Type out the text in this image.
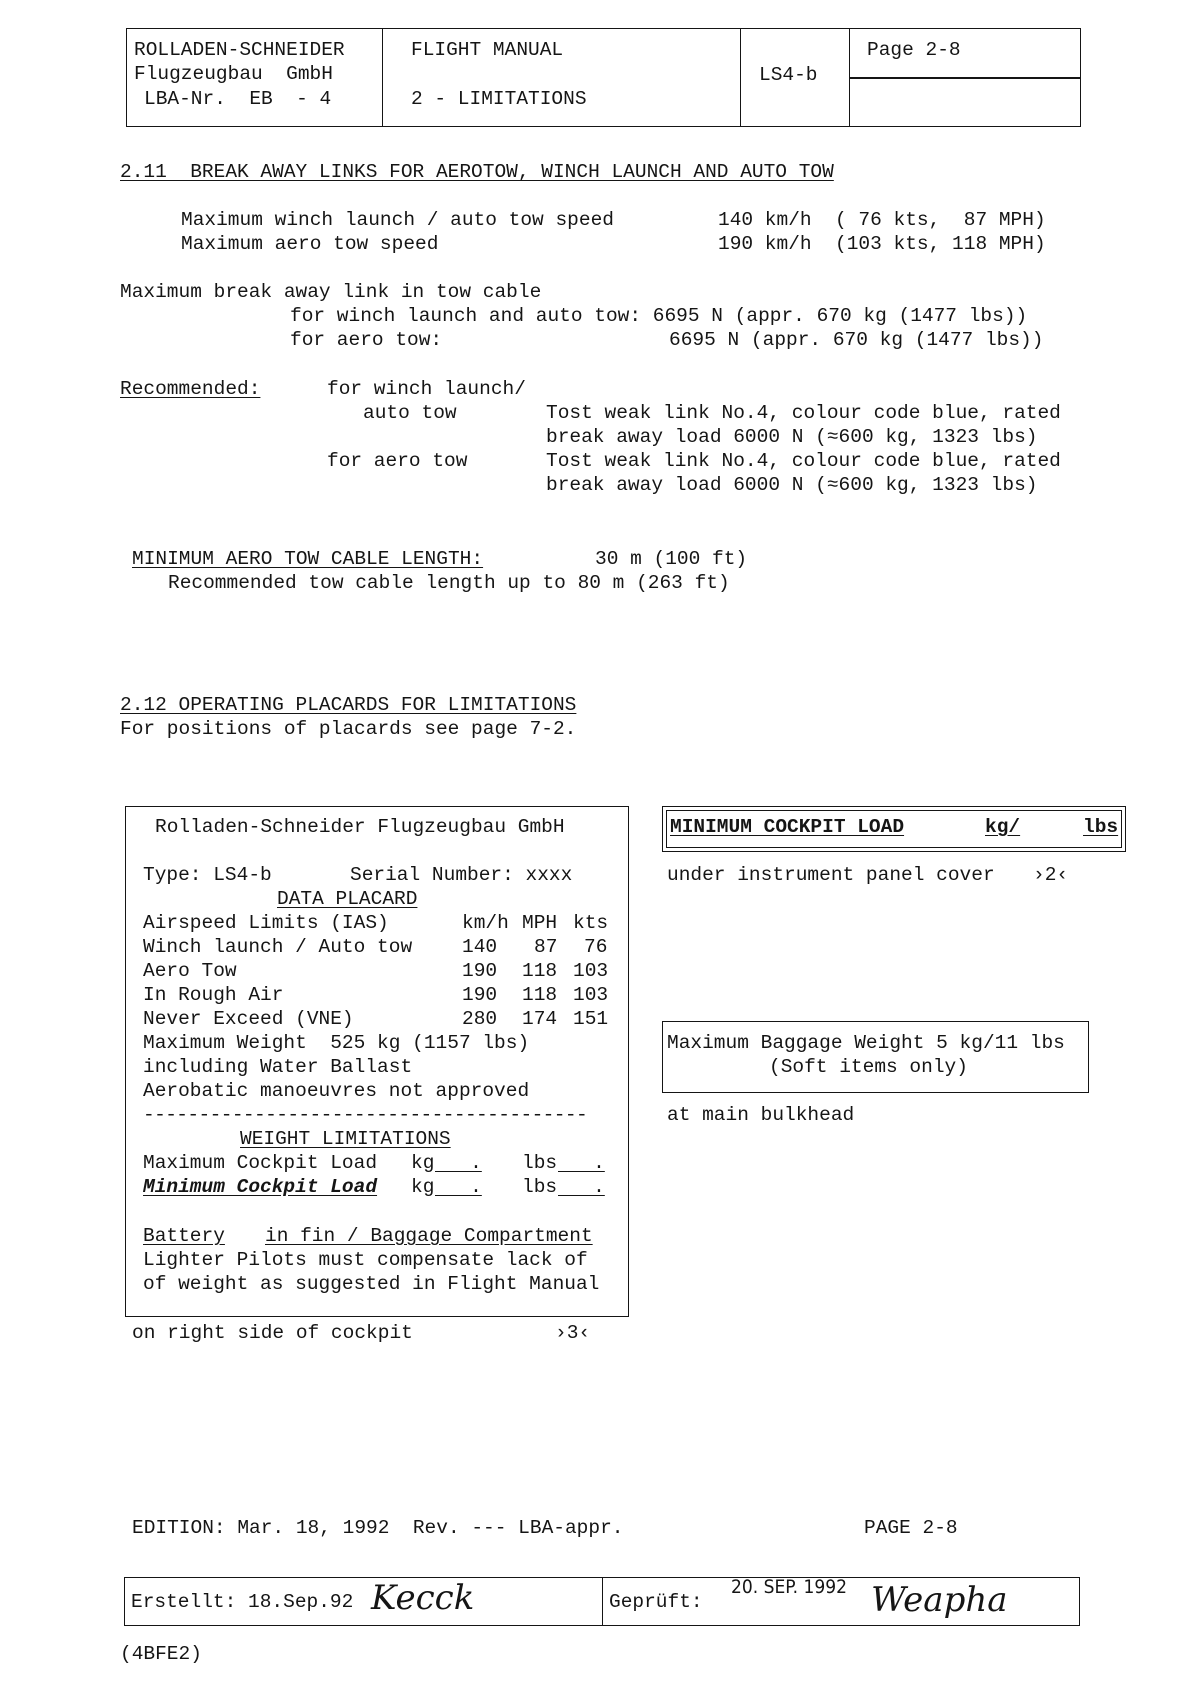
ROLLADEN-SCHNEIDER
Flugzeugbau  GmbH
LBA-Nr.  EB  - 4

FLIGHT MANUAL
2 - LIMITATIONS

LS4-b

Page 2-8
2.11  BREAK AWAY LINKS FOR AEROTOW, WINCH LAUNCH AND AUTO TOW
Maximum winch launch / auto tow speed	140 km/h  ( 76 kts,  87 MPH)
Maximum aero tow speed	190 km/h  (103 kts, 118 MPH)
Maximum break away link in tow cable
for winch launch and auto tow: 6695 N (appr. 670 kg (1477 lbs))
for aero tow:	6695 N (appr. 670 kg (1477 lbs))
Recommended:	for winch launch/
auto tow	Tost weak link No.4, colour code blue, rated
break away load 6000 N (≈600 kg, 1323 lbs)
for aero tow	Tost weak link No.4, colour code blue, rated
break away load 6000 N (≈600 kg, 1323 lbs)
MINIMUM AERO TOW CABLE LENGTH:	30 m (100 ft)
Recommended tow cable length up to 80 m (263 ft)
2.12 OPERATING PLACARDS FOR LIMITATIONS
For positions of placards see page 7-2.
Rolladen-Schneider Flugzeugbau GmbH
Type: LS4-b	Serial Number: xxxx
DATA PLACARD
Airspeed Limits (IAS)	km/h MPH kts
Winch launch / Auto tow	140 87 76
Aero Tow	190 118 103
In Rough Air	190 118 103
Never Exceed (VNE)	280 174 151
Maximum Weight  525 kg (1157 lbs)
including Water Ballast
Aerobatic manoeuvres not approved
----------------------------------------
WEIGHT LIMITATIONS
Maximum Cockpit Load kg . lbs .
Minimum Cockpit Load kg . lbs .
Battery in fin / Baggage Compartment
Lighter Pilots must compensate lack of
of weight as suggested in Flight Manual
on right side of cockpit	›3‹
MINIMUM COCKPIT LOAD	kg/	lbs
under instrument panel cover ›2‹
Maximum Baggage Weight 5 kg/11 lbs
(Soft items only)
at main bulkhead
EDITION: Mar. 18, 1992  Rev. --- LBA-appr.	PAGE 2-8
Erstellt: 18.Sep.92 Kecck	Geprüft:
20. SEP. 1992 Weapha
(4BFE2)
